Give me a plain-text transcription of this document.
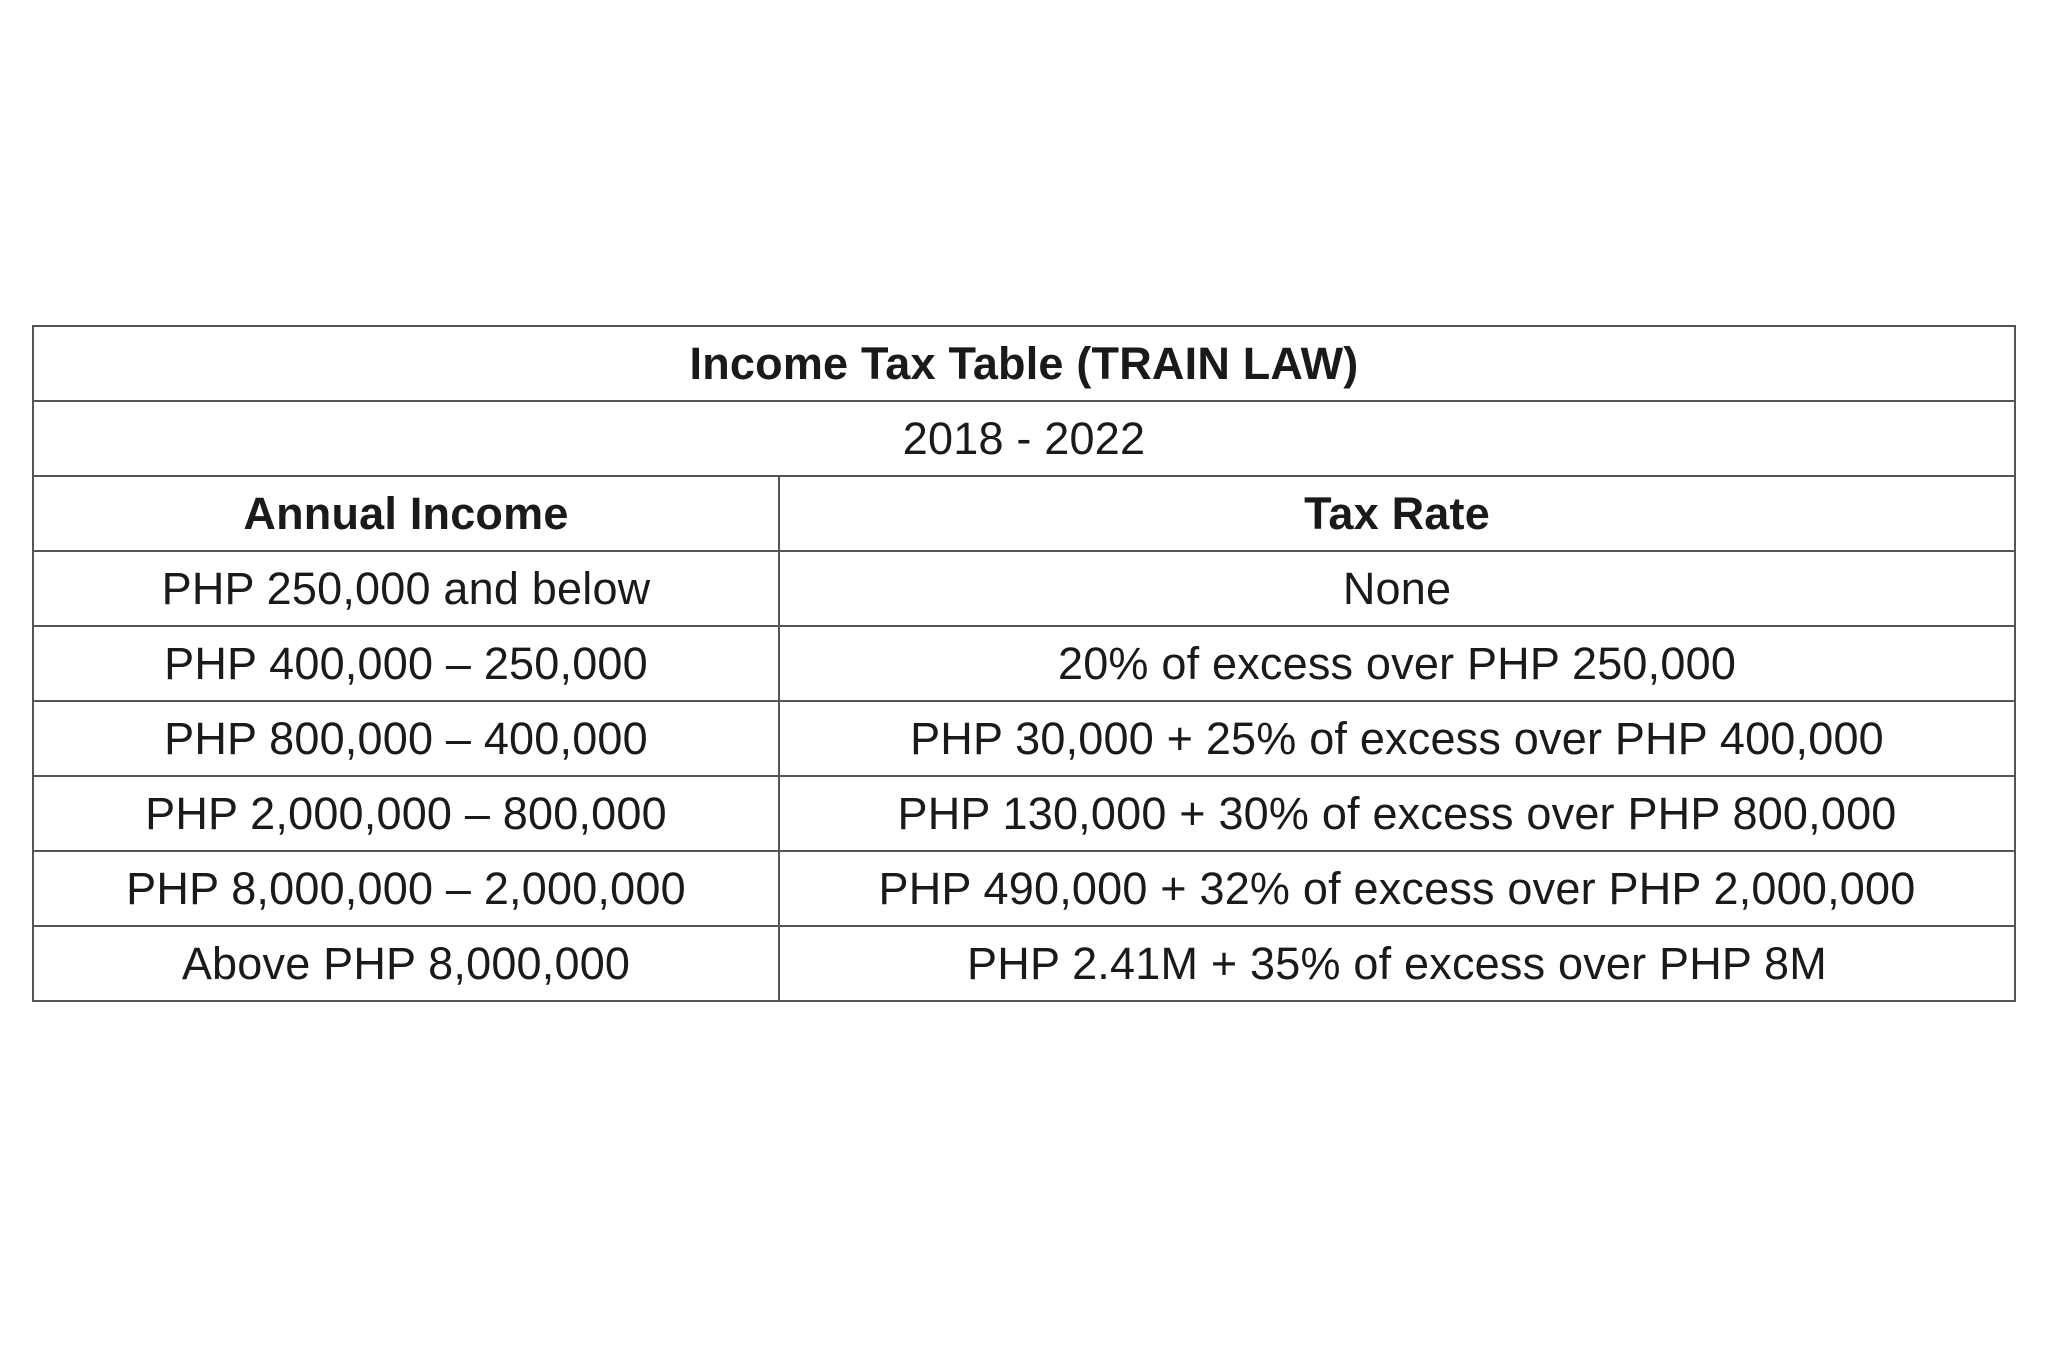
Income Tax Table (TRAIN LAW)	
2018 - 2022	
Annual Income	Tax Rate
PHP 250,000 and below	None
PHP 400,000 – 250,000	20% of excess over PHP 250,000
PHP 800,000 – 400,000	PHP 30,000 + 25% of excess over PHP 400,000
PHP 2,000,000 – 800,000	PHP 130,000 + 30% of excess over PHP 800,000
PHP 8,000,000 – 2,000,000	PHP 490,000 + 32% of excess over PHP 2,000,000
Above PHP 8,000,000	PHP 2.41M + 35% of excess over PHP 8M
